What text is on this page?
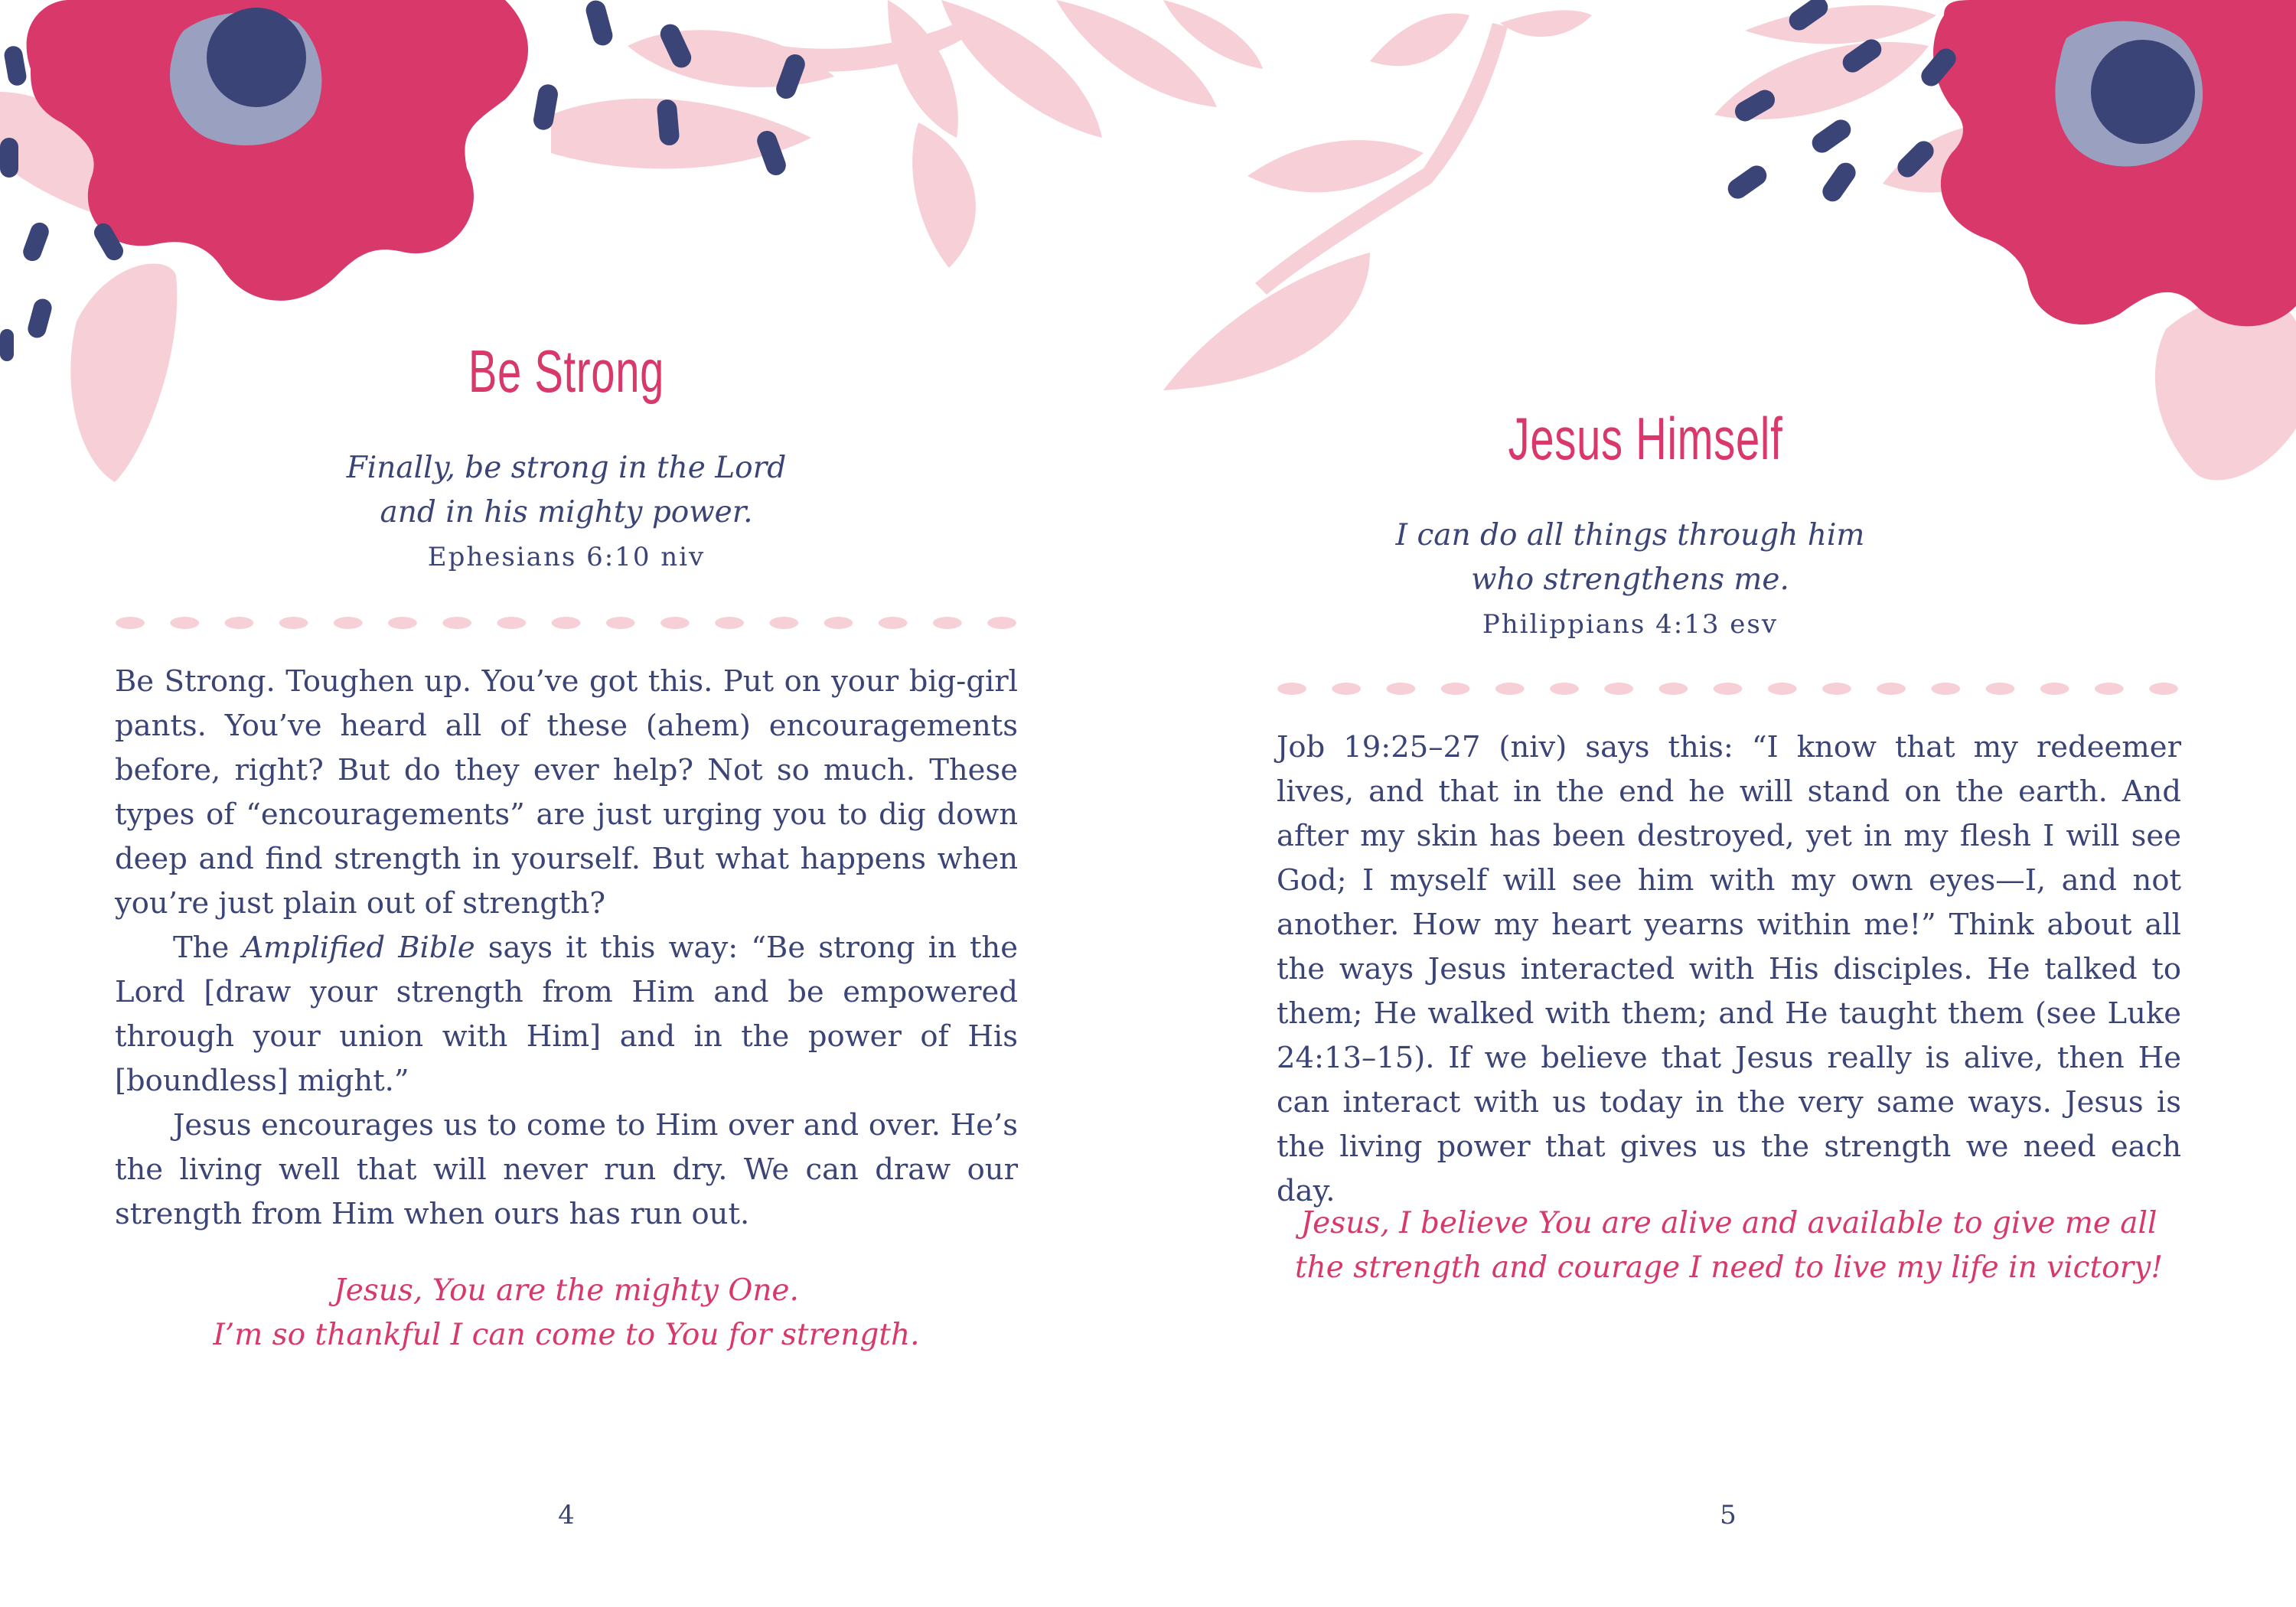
Be Strong
Finally, be strong in the Lord
and in his mighty power.
Ephesians 6:10 niv

Be Strong. Toughen up. You’ve got this. Put on your big-girl pants. You’ve heard all of these (ahem) encouragements before, right? But do they ever help? Not so much. These types of “encouragements” are just urging you to dig down deep and find strength in yourself. But what happens when you’re just plain out of strength?

The Amplified Bible says it this way: “Be strong in the Lord [draw your strength from Him and be empowered through your union with Him] and in the power of His [boundless] might.”

Jesus encourages us to come to Him over and over. He’s the living well that will never run dry. We can draw our strength from Him when ours has run out.

Jesus, You are the mighty One.
I’m so thankful I can come to You for strength.
4
Jesus Himself
I can do all things through him
who strengthens me.
Philippians 4:13 esv

Job 19:25–27 (niv) says this: “I know that my redeemer lives, and that in the end he will stand on the earth. And after my skin has been destroyed, yet in my flesh I will see God; I myself will see him with my own eyes—I, and not another. How my heart yearns within me!” Think about all the ways Jesus interacted with His disciples. He talked to them; He walked with them; and He taught them (see Luke 24:13–15). If we believe that Jesus really is alive, then He can interact with us today in the very same ways. Jesus is the living power that gives us the strength we need each day.

Jesus, I believe You are alive and available to give me all
the strength and courage I need to live my life in victory!
5
